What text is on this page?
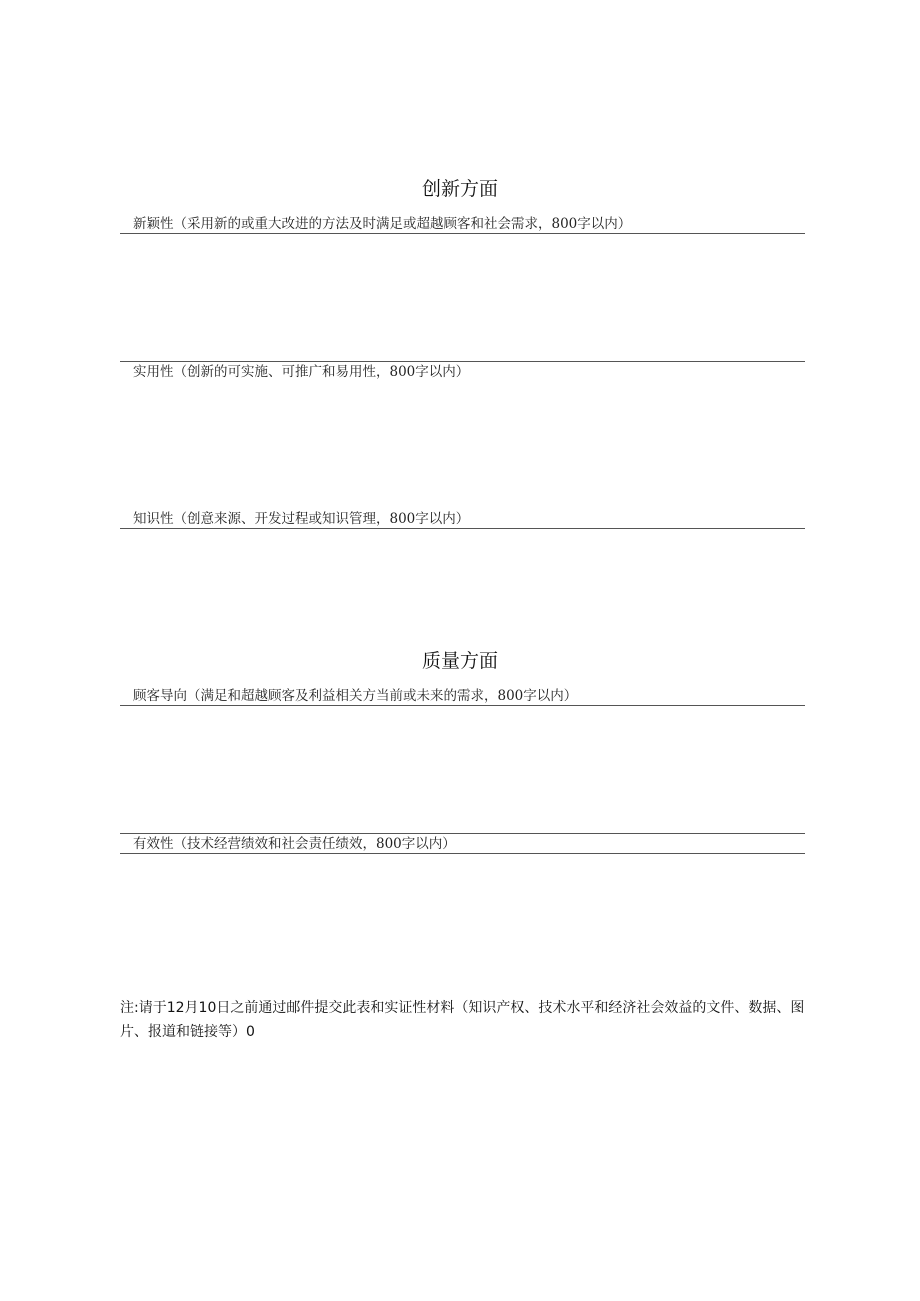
创新方面
新颖性（采用新的或重大改进的方法及时满足或超越顾客和社会需求，800字以内）
实用性（创新的可实施、可推广和易用性，800字以内）
知识性（创意来源、开发过程或知识管理，800字以内）
质量方面
顾客导向（满足和超越顾客及利益相关方当前或未来的需求，800字以内）
有效性（技术经营绩效和社会责任绩效，800字以内）
注:请于12月10日之前通过邮件提交此表和实证性材料（知识产权、技术水平和经济社会效益的文件、数据、图片、报道和链接等）0
